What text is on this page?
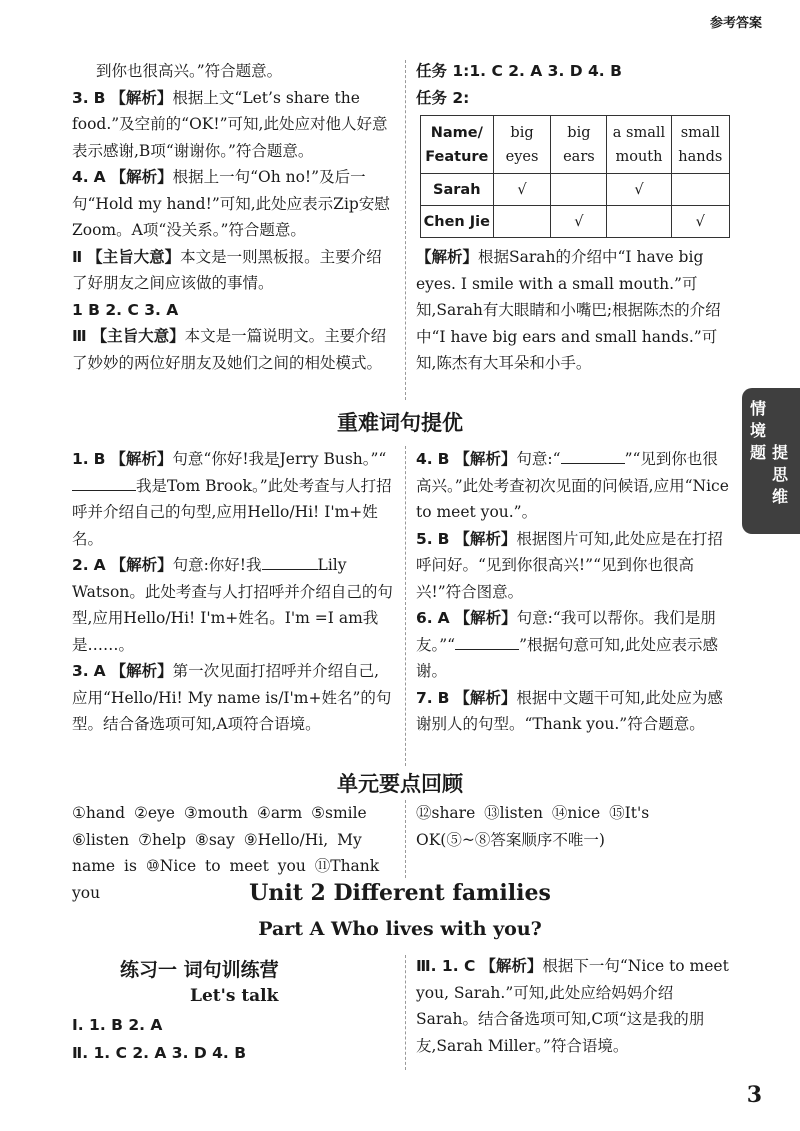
参考答案

到你也很高兴。”符合题意。

3. B 【解析】根据上文“Let’s share the food.”及空前的“OK!”可知,此处应对他人好意表示感谢,B项“谢谢你。”符合题意。

4. A 【解析】根据上一句“Oh no!”及后一句“Hold my hand!”可知,此处应表示Zip安慰Zoom。A项“没关系。”符合题意。

Ⅱ 【主旨大意】本文是一则黑板报。主要介绍了好朋友之间应该做的事情。

1 B 2. C 3. A

Ⅲ 【主旨大意】本文是一篇说明文。主要介绍了妙妙的两位好朋友及她们之间的相处模式。

任务 1:1. C 2. A 3. D 4. B

任务 2:

Name/ Feature	big eyes	big ears	a small mouth	small hands
Sarah	√		√	
Chen Jie		√		√

【解析】根据Sarah的介绍中“I have big eyes. I smile with a small mouth.”可知,Sarah有大眼睛和小嘴巴;根据陈杰的介绍中“I have big ears and small hands.”可知,陈杰有大耳朵和小手。

重难词句提优

1. B 【解析】句意“你好!我是Jerry Bush。”“我是Tom Brook。”此处考查与人打招呼并介绍自己的句型,应用Hello/Hi! I'm+姓名。

2. A 【解析】句意:你好!我	Lily Watson。此处考查与人打招呼并介绍自己的句型,应用Hello/Hi! I'm+姓名。I'm =I am我是……。

3. A 【解析】第一次见面打招呼并介绍自己,应用“Hello/Hi! My name is/I'm+姓名”的句型。结合备选项可知,A项符合语境。

4. B 【解析】句意:“	”“见到你也很高兴。”此处考查初次见面的问候语,应用“Nice to meet you.”。

5. B 【解析】根据图片可知,此处应是在打招呼问好。“见到你很高兴!”“见到你也很高兴!”符合图意。

6. A 【解析】句意:“我可以帮你。我们是朋友。”“	”根据句意可知,此处应表示感谢。

7. B 【解析】根据中文题干可知,此处应为感谢别人的句型。“Thank you.”符合题意。

单元要点回顾
①hand ②eye ③mouth ④arm ⑤smile ⑥listen ⑦help ⑧say ⑨Hello/Hi, My name is ⑩Nice to meet you ⑪Thank you
⑫share ⑬listen ⑭nice ⑮It's OK(⑤~⑧答案顺序不唯一)
Unit 2 Different families
Part A Who lives with you?
练习一 词句训练营
Let's talk
Ⅰ. 1. B 2. A
Ⅱ. 1. C 2. A 3. D 4. B

Ⅲ. 1. C 【解析】根据下一句“Nice to meet you, Sarah.”可知,此处应给妈妈介绍Sarah。结合备选项可知,C项“这是我的朋友,Sarah Miller。”符合语境。

3
情
境
题 提
思
维
